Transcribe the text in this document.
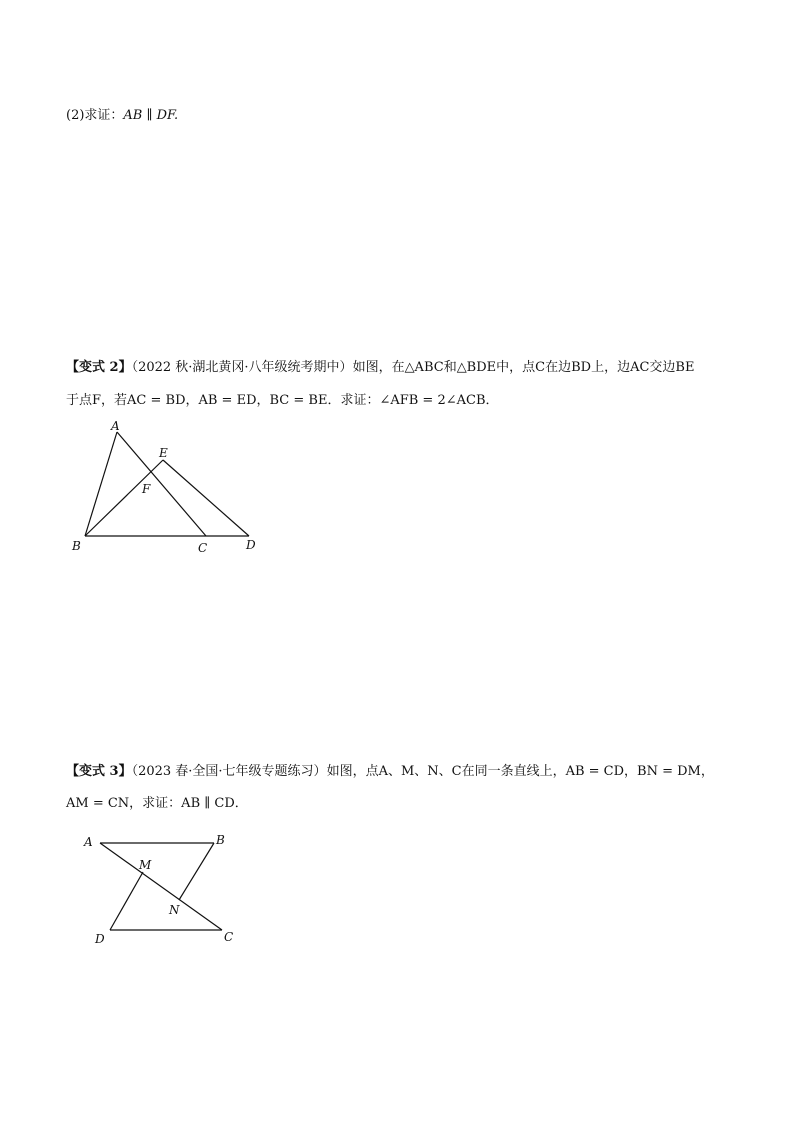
(2)求证：AB ∥ DF.
【变式 2】（2022 秋·湖北黄冈·八年级统考期中）如图，在△ABC和△BDE中，点C在边BD上，边AC交边BE
于点F，若AC = BD，AB = ED，BC = BE．求证：∠AFB = 2∠ACB．
A
E
F
B	C	D
【变式 3】（2023 春·全国·七年级专题练习）如图，点A、M、N、C在同一条直线上，AB = CD，BN = DM，
AM = CN，求证：AB ∥ CD．
A	B
M
N
D	C
